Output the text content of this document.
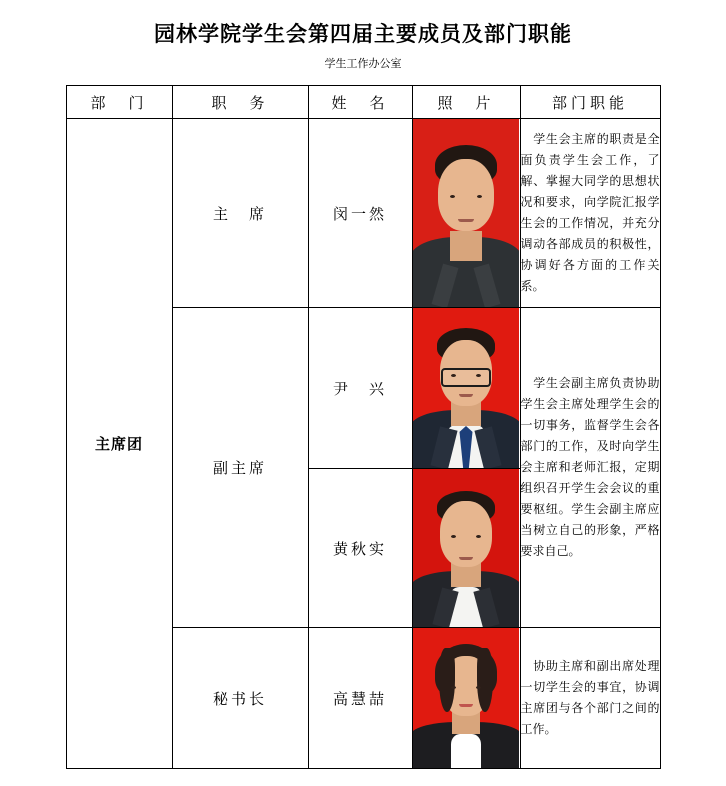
园林学院学生会第四届主要成员及部门职能
学生工作办公室
部　门	职　务	姓　名	照　片	部门职能
主席团	主　席	闵一然		　学生会主席的职责是全面负责学生会工作，了解、掌握大同学的思想状况和要求，向学院汇报学生会的工作情况，并充分调动各部成员的积极性，协调好各方面的工作关系。
	副主席	尹　兴		　学生会副主席负责协助学生会主席处理学生会的一切事务，监督学生会各部门的工作，及时向学生会主席和老师汇报，定期组织召开学生会会议的重要枢纽。学生会副主席应当树立自己的形象，严格要求自己。
		黄秋实		

	秘书长	高慧喆		　协助主席和副出席处理一切学生会的事宜，协调主席团与各个部门之间的工作。
